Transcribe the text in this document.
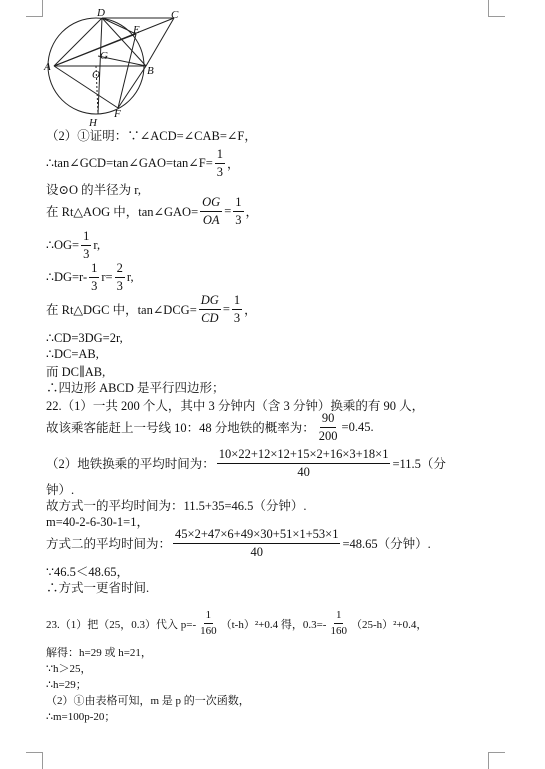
D	C
E
G
A
O	B
F
H
（2）①证明：∵∠ACD=∠CAB=∠F，
∴tan∠GCD=tan∠GAO=tan∠F= $\frac{1}{3}$ ，
设⊙O 的半径为 r,
在 Rt△AOG 中，tan∠GAO= $\frac{OG}{OA} = \frac{1}{3}$ ，
∴OG= $\frac{1}{3} r$,
∴DG=r- $\frac{1}{3} r= \frac{2}{3} r$,
在 Rt△DGC 中，tan∠DCG= $\frac{DG}{CD} = \frac{1}{3}$ ，
∴CD=3DG=2r,
∴DC=AB,
而 DC∥AB,
∴四边形 ABCD 是平行四边形；
22.（1）一共 200 个人，其中 3 分钟内（含 3 分钟）换乘的有 90 人，
故该乘客能赶上一号线 10：48 分地铁的概率为： $\frac{90}{200} =0.45$.
（2）地铁换乘的平均时间为： $\frac{10\times 22+12\times 12+15\times 2+16\times 3+18\times 1}{40} =11.5$（分
钟）.
故方式一的平均时间为：11.5+35=46.5（分钟）.
m=40-2-6-30-1=1，
方式二的平均时间为： $\frac{45\times 2+47\times 6+49\times 30+51\times 1+53\times 1}{40} =48.65$（分钟）.
∵46.5＜48.65，
∴方式一更省时间.
23.（1）把（25，0.3）代入 $p=- \frac{1}{160} (t-h)^2+0.4$ 得，$0.3=- \frac{1}{160} (25-h)^2+0.4$，
解得：h=29 或 h=21，
∵h＞25，
∴h=29；
（2）①由表格可知，m 是 p 的一次函数，
∴m=100p-20；
